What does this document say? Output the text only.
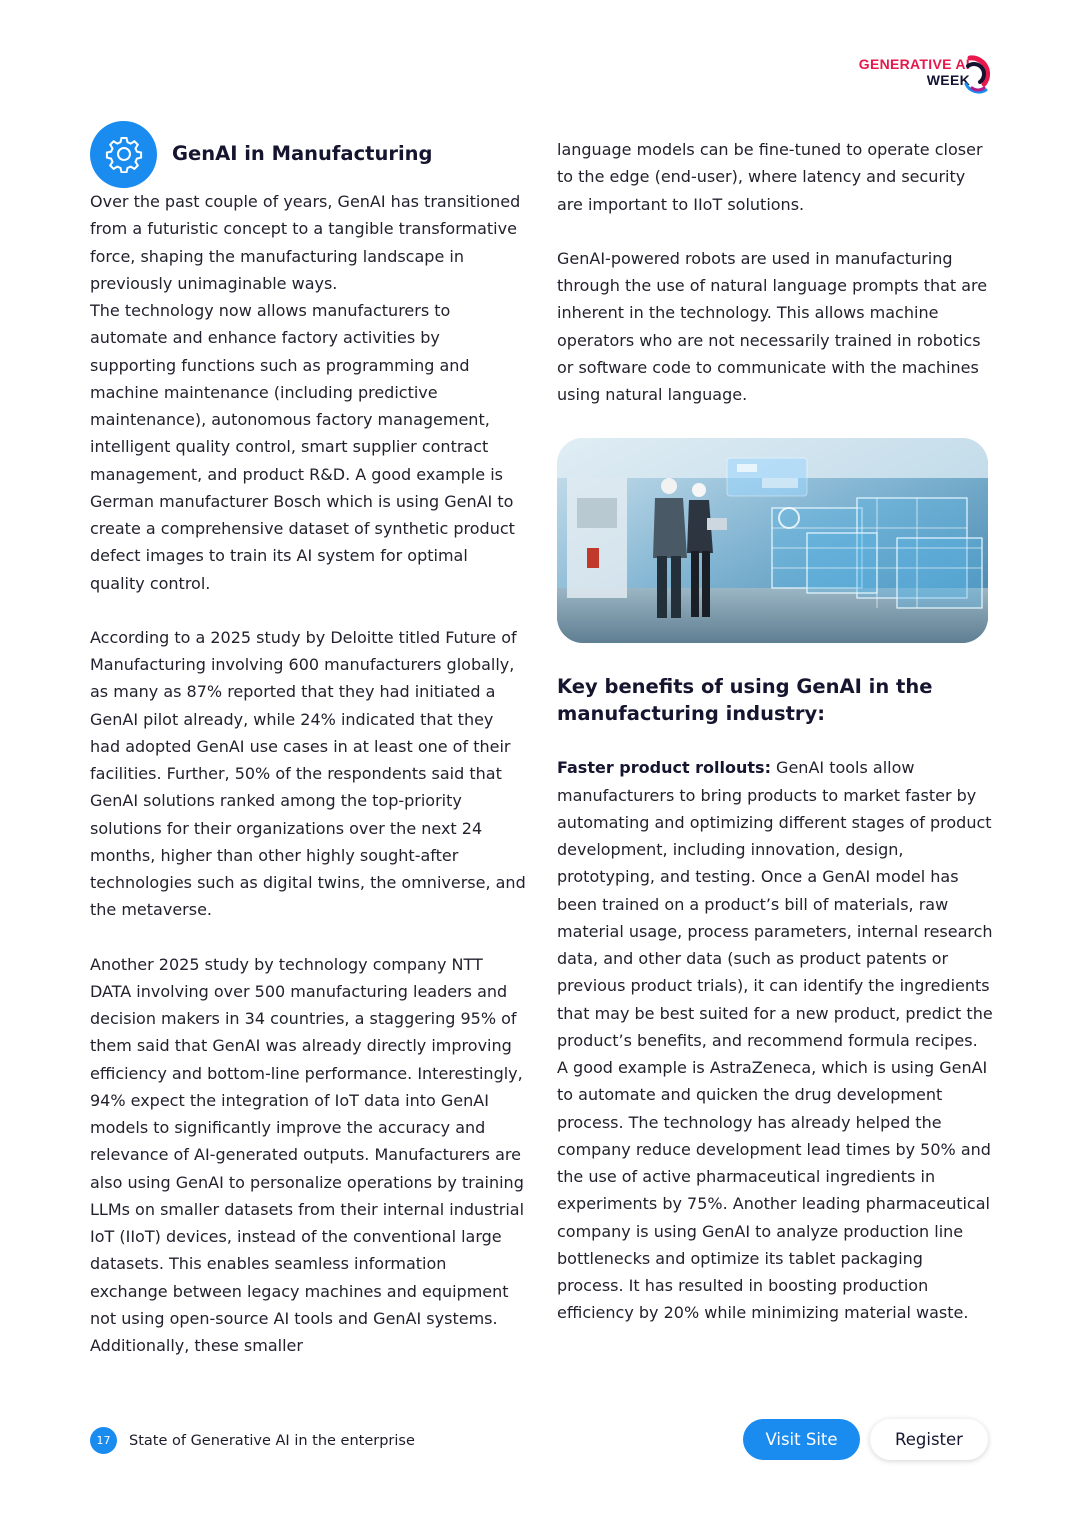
GENERATIVE AI
WEEK
GenAI in Manufacturing

Over the past couple of years, GenAI has transitioned from a futuristic concept to a tangible transformative force, shaping the manufacturing landscape in previously unimaginable ways.

The technology now allows manufacturers to automate and enhance factory activities by supporting functions such as programming and machine maintenance (including predictive maintenance), autonomous factory management, intelligent quality control, smart supplier contract management, and product R&D. A good example is German manufacturer Bosch which is using GenAI to create a comprehensive dataset of synthetic product defect images to train its AI system for optimal quality control.

According to a 2025 study by Deloitte titled Future of Manufacturing involving 600 manufacturers globally, as many as 87% reported that they had initiated a GenAI pilot already, while 24% indicated that they had adopted GenAI use cases in at least one of their facilities. Further, 50% of the respondents said that GenAI solutions ranked among the top-priority solutions for their organizations over the next 24 months, higher than other highly sought-after technologies such as digital twins, the omniverse, and the metaverse.

Another 2025 study by technology company NTT DATA involving over 500 manufacturing leaders and decision makers in 34 countries, a staggering 95% of them said that GenAI was already directly improving efficiency and bottom-line performance. Interestingly, 94% expect the integration of IoT data into GenAI models to significantly improve the accuracy and relevance of AI-generated outputs. Manufacturers are also using GenAI to personalize operations by training LLMs on smaller datasets from their internal industrial IoT (IIoT) devices, instead of the conventional large datasets. This enables seamless information exchange between legacy machines and equipment not using open-source AI tools and GenAI systems. Additionally, these smaller

language models can be fine-tuned to operate closer to the edge (end-user), where latency and security are important to IIoT solutions.

GenAI-powered robots are used in manufacturing through the use of natural language prompts that are inherent in the technology. This allows machine operators who are not necessarily trained in robotics or software code to communicate with the machines using natural language.

Key benefits of using GenAI in the manufacturing industry:

Faster product rollouts: GenAI tools allow manufacturers to bring products to market faster by automating and optimizing different stages of product development, including innovation, design, prototyping, and testing. Once a GenAI model has been trained on a product’s bill of materials, raw material usage, process parameters, internal research data, and other data (such as product patents or previous product trials), it can identify the ingredients that may be best suited for a new product, predict the product’s benefits, and recommend formula recipes. A good example is AstraZeneca, which is using GenAI to automate and quicken the drug development process. The technology has already helped the company reduce development lead times by 50% and the use of active pharmaceutical ingredients in experiments by 75%. Another leading pharmaceutical company is using GenAI to analyze production line bottlenecks and optimize its tablet packaging process. It has resulted in boosting production efficiency by 20% while minimizing material waste.

17	State of Generative AI in the enterprise	Visit Site	Register
